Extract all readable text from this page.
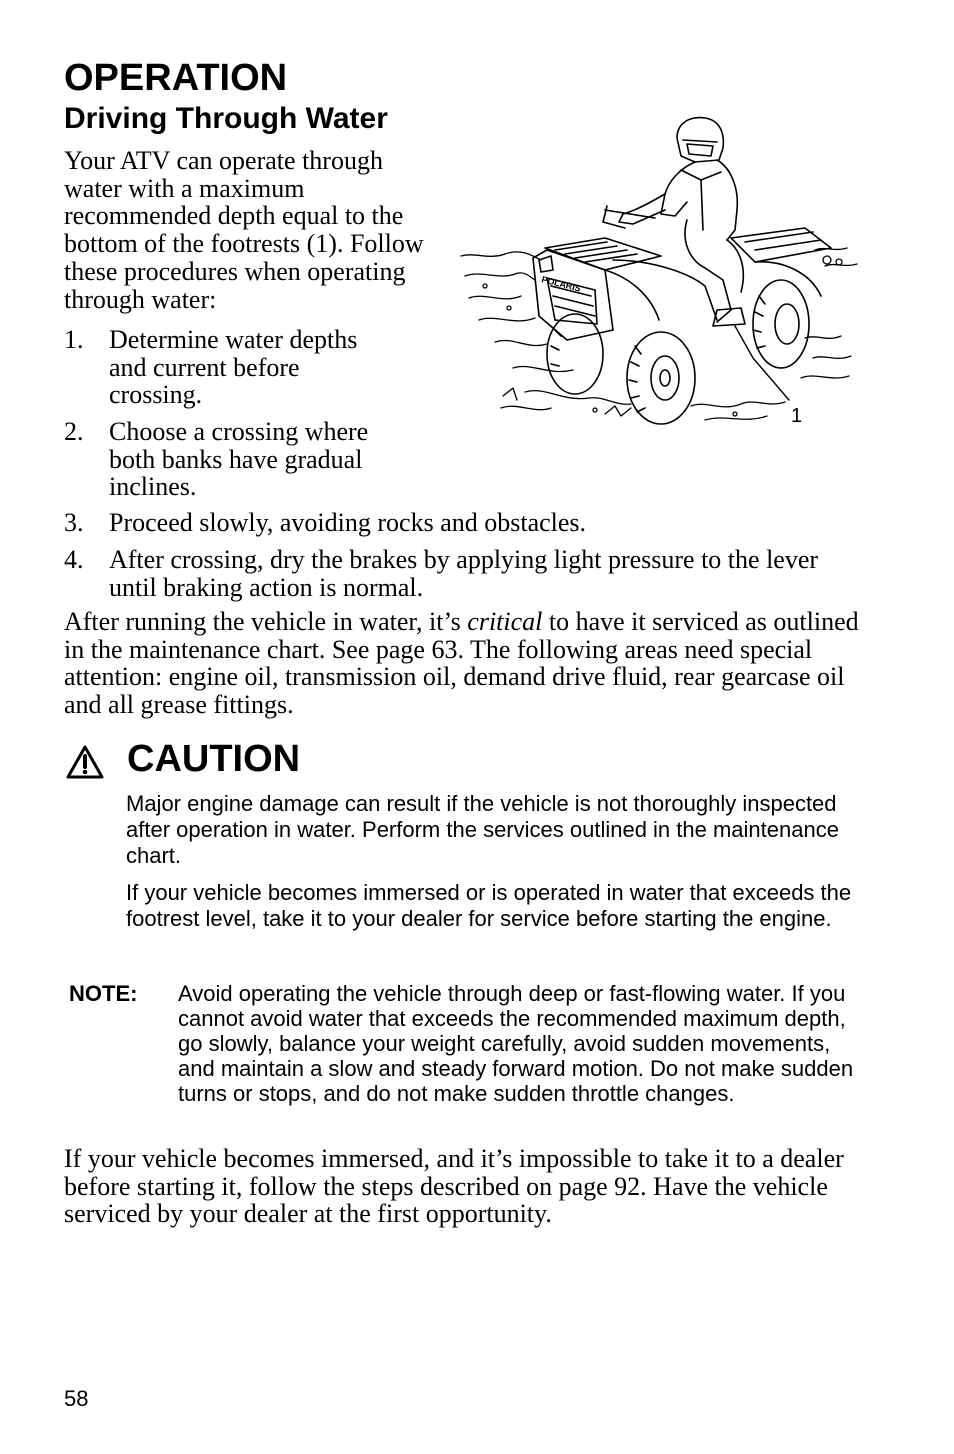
OPERATION
Driving Through Water

Your ATV can operate through water with a maximum recommended depth equal to the bottom of the footrests (1). Follow these procedures when operating through water:

1. Determine water depths and current before crossing.
2. Choose a crossing where both banks have gradual inclines.
3. Proceed slowly, avoiding rocks and obstacles.
4. After crossing, dry the brakes by applying light pressure to the lever until braking action is normal.

After running the vehicle in water, it’s critical to have it serviced as outlined in the maintenance chart. See page 63. The following areas need special attention: engine oil, transmission oil, demand drive fluid, rear gearcase oil and all grease fittings.

POLARIS
1
CAUTION

Major engine damage can result if the vehicle is not thoroughly inspected after operation in water. Perform the services outlined in the maintenance chart.

If your vehicle becomes immersed or is operated in water that exceeds the footrest level, take it to your dealer for service before starting the engine.

NOTE: Avoid operating the vehicle through deep or fast-flowing water. If you cannot avoid water that exceeds the recommended maximum depth, go slowly, balance your weight carefully, avoid sudden movements, and maintain a slow and steady forward motion. Do not make sudden turns or stops, and do not make sudden throttle changes.

If your vehicle becomes immersed, and it’s impossible to take it to a dealer before starting it, follow the steps described on page 92. Have the vehicle serviced by your dealer at the first opportunity.

58
